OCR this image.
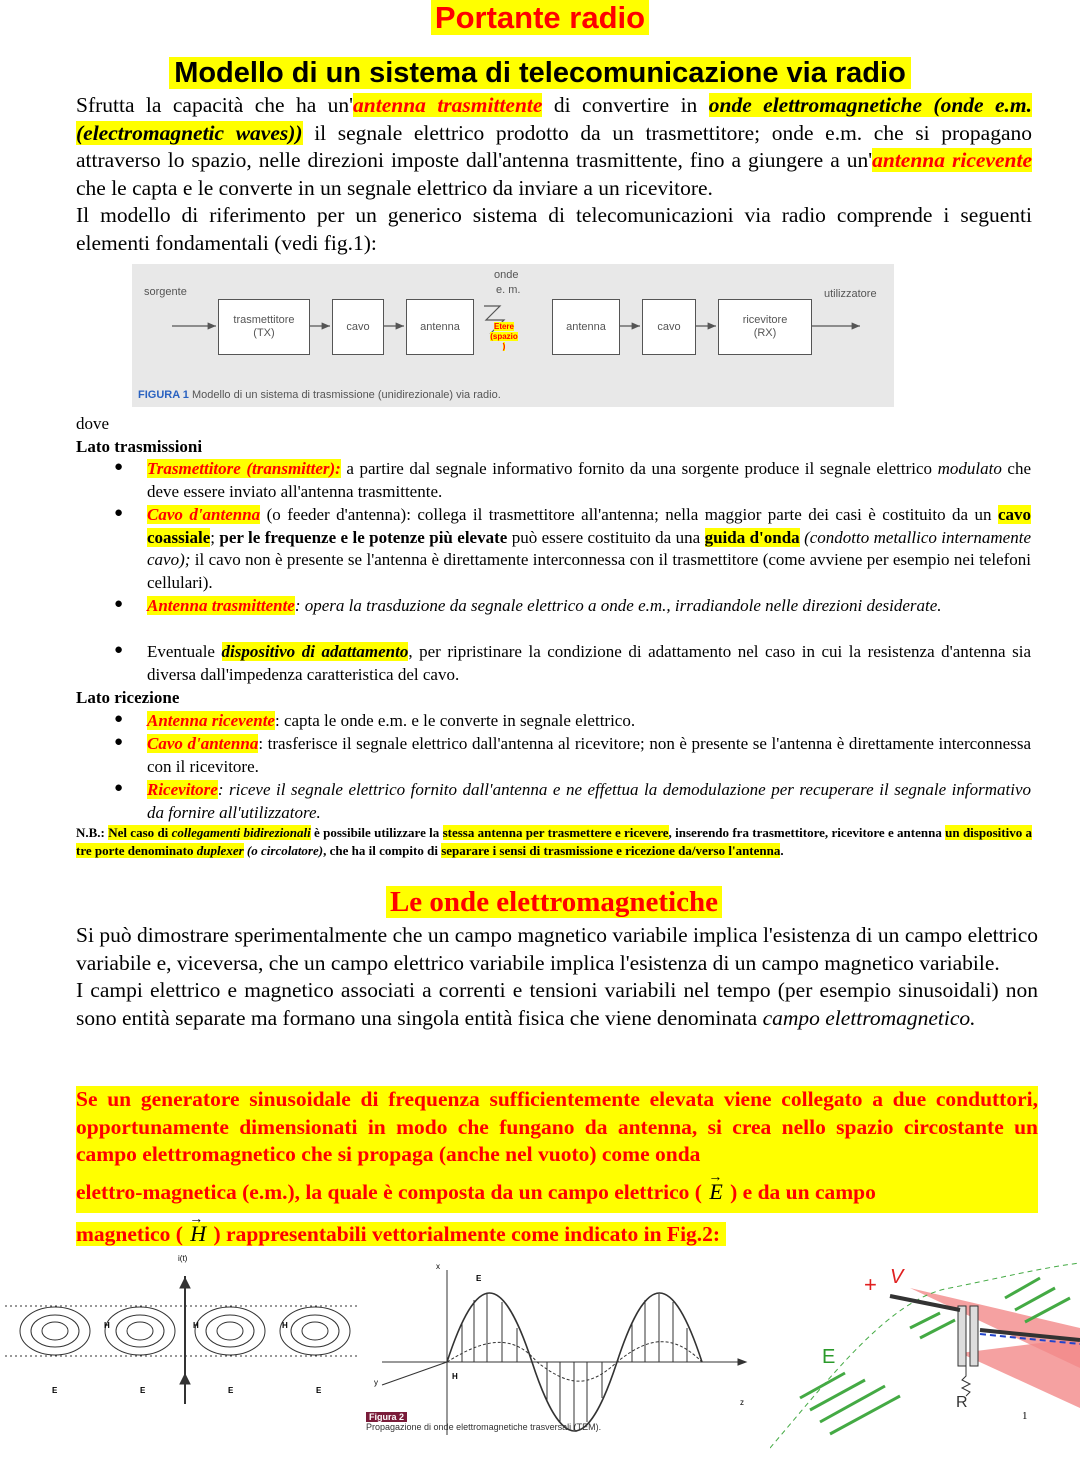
Portante radio
Modello di un sistema di telecomunicazione via radio
Sfrutta la capacità che ha un'antenna trasmittente di convertire in onde elettromagnetiche (onde e.m. (electromagnetic waves)) il segnale elettrico prodotto da un trasmettitore; onde e.m. che si propagano attraverso lo spazio, nelle direzioni imposte dall'antenna trasmittente, fino a giungere a un'antenna ricevente che le capta e le converte in un segnale elettrico da inviare a un ricevitore.
Il modello di riferimento per un generico sistema di telecomunicazioni via radio comprende i seguenti elementi fondamentali (vedi fig.1):
sorgente	utilizzatore
onde
e. m.
trasmettitore
(TX)
cavo	antenna	Etere
(spazio
)
antenna	cavo
ricevitore
(RX)
FIGURA 1 Modello di un sistema di trasmissione (unidirezionale) via radio.
dove
Lato trasmissioni
● Trasmettitore (transmitter): a partire dal segnale informativo fornito da una sorgente produce il segnale elettrico modulato che deve essere inviato all'antenna trasmittente.
● Cavo d'antenna (o feeder d'antenna): collega il trasmettitore all'antenna; nella maggior parte dei casi è costituito da un cavo coassiale; per le frequenze e le potenze più elevate può essere costituito da una guida d'onda (condotto metallico internamente cavo); il cavo non è presente se l'antenna è direttamente interconnessa con il trasmettitore (come avviene per esempio nei telefoni cellulari).
● Antenna trasmittente: opera la trasduzione da segnale elettrico a onde e.m., irradiandole nelle direzioni desiderate.
● Eventuale dispositivo di adattamento, per ripristinare la condizione di adattamento nel caso in cui la resistenza d'antenna sia diversa dall'impedenza caratteristica del cavo.
Lato ricezione
● Antenna ricevente: capta le onde e.m. e le converte in segnale elettrico.
● Cavo d'antenna: trasferisce il segnale elettrico dall'antenna al ricevitore; non è presente se l'antenna è direttamente interconnessa con il ricevitore.
● Ricevitore: riceve il segnale elettrico fornito dall'antenna e ne effettua la demodulazione per recuperare il segnale informativo da fornire all'utilizzatore.
N.B.: Nel caso di collegamenti bidirezionali è possibile utilizzare la stessa antenna per trasmettere e ricevere, inserendo fra trasmettitore, ricevitore e antenna un dispositivo a tre porte denominato duplexer (o circolatore), che ha il compito di separare i sensi di trasmissione e ricezione da/verso l'antenna.
Le onde elettromagnetiche
Si può dimostrare sperimentalmente che un campo magnetico variabile implica l'esistenza di un campo elettrico variabile e, viceversa, che un campo elettrico variabile implica l'esistenza di un campo magnetico variabile.
I campi elettrico e magnetico associati a correnti e tensioni variabili nel tempo (per esempio sinusoidali) non sono entità separate ma formano una singola entità fisica che viene denominata campo elettromagnetico.
Se un generatore sinusoidale di frequenza sufficientemente elevata viene collegato a due conduttori, opportunamente dimensionati in modo che fungano da antenna, si crea nello spazio circostante un campo elettromagnetico che si propaga (anche nel vuoto) come onda
elettro-magnetica (e.m.), la quale è composta da un campo elettrico ( → E ) e da un campo
magnetico ( → H ) rappresentabili vettorialmente come indicato in Fig.2:
i(t)
H	H	H
E	E	E	E
x
y
z
E
H
Figura 2
Propagazione di onde elettromagnetiche trasversali (TEM).
+ V
E
R
1
